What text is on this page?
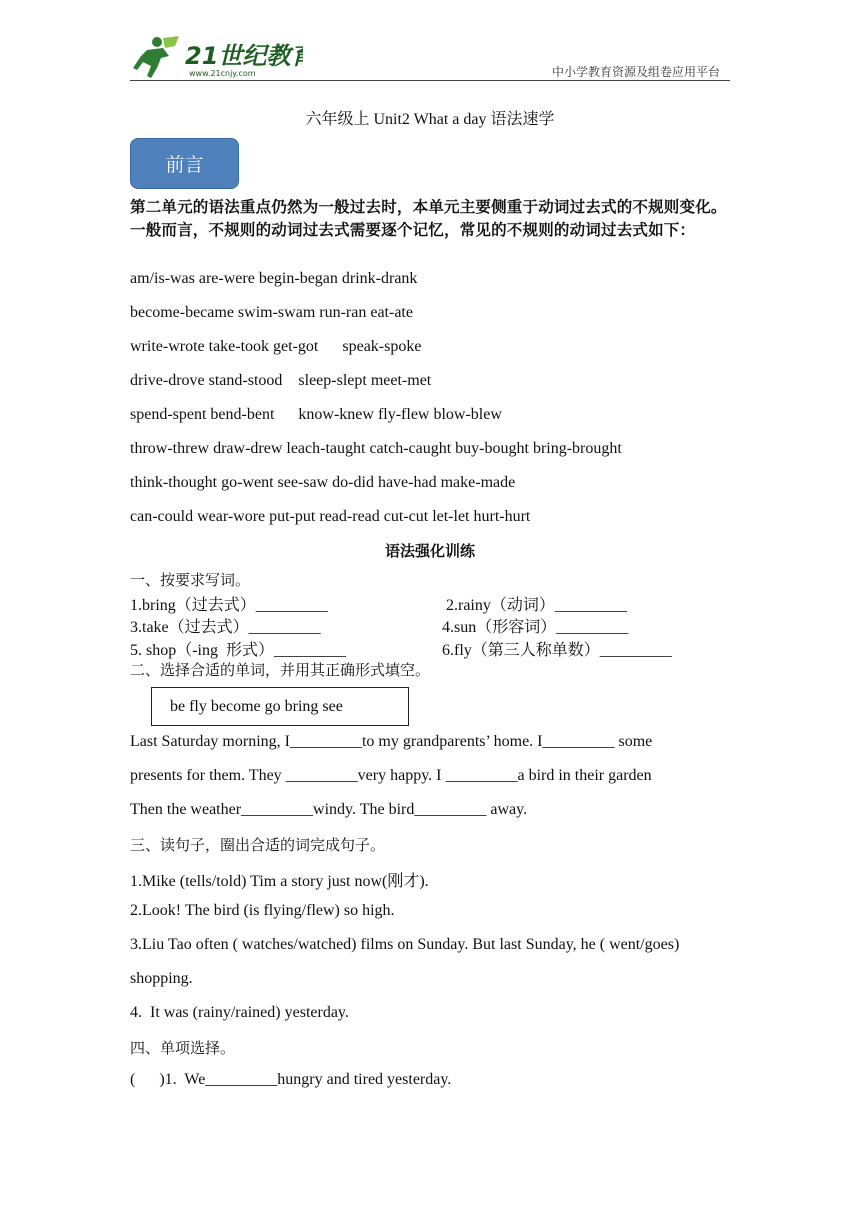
21世纪教育
www.21cnjy.com	中小学教育资源及组卷应用平台
六年级上 Unit2 What a day 语法速学
前言
第二单元的语法重点仍然为一般过去时，本单元主要侧重于动词过去式的不规则变化。一般而言，不规则的动词过去式需要逐个记忆，常见的不规则的动词过去式如下：
am/is-was are-were begin-began drink-drank
become-became swim-swam run-ran eat-ate
write-wrote take-took get-got      speak-spoke
drive-drove stand-stood    sleep-slept meet-met
spend-spent bend-bent      know-knew fly-flew blow-blew
throw-threw draw-drew leach-taught catch-caught buy-bought bring-brought
think-thought go-went see-saw do-did have-had make-made
can-could wear-wore put-put read-read cut-cut let-let hurt-hurt
语法强化训练
一、按要求写词。
1.bring（过去式）_________	2.rainy（动词）_________
3.take（过去式）_________	4.sun（形容词）_________
5. shop（-ing  形式）_________	6.fly（第三人称单数）_________
二、选择合适的单词，并用其正确形式填空。
be fly become go bring see
Last Saturday morning, I_________to my grandparents’ home. I_________ some
presents for them. They _________very happy. I _________a bird in their garden
Then the weather_________windy. The bird_________ away.
三、读句子，圈出合适的词完成句子。
1.Mike (tells/told) Tim a story just now(刚才).
2.Look! The bird (is flying/flew) so high.
3.Liu Tao often ( watches/watched) films on Sunday. But last Sunday, he ( went/goes)
shopping.
4.  It was (rainy/rained) yesterday.
四、单项选择。
(      )1.  We_________hungry and tired yesterday.
